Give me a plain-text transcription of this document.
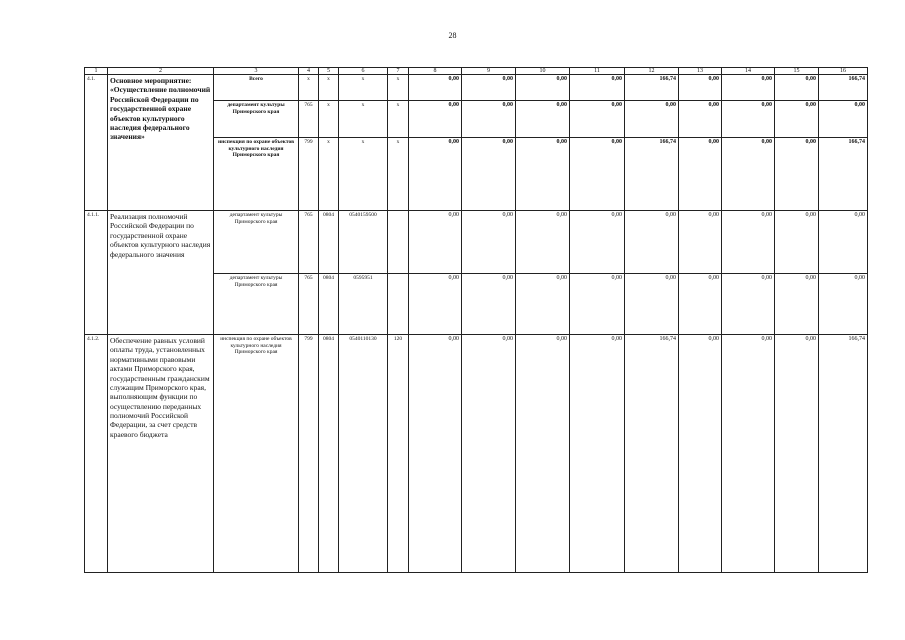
28
1	2	3	4	5	6	7	8	9	10	11	12	13	14	15	16
4.1.	Основное мероприятие: «Осуществление полномочий Российской Федерации по государственной охране объектов культурного наследия федерального значения»	Всего	x	x	x	x	0,00	0,00	0,00	0,00	166,74	0,00	0,00	0,00	166,74
		департамент культуры Приморского края	765	x	x	x	0,00	0,00	0,00	0,00	0,00	0,00	0,00	0,00	0,00
		инспекция по охране объектов культурного наследия Приморского края	799	x	x	x	0,00	0,00	0,00	0,00	166,74	0,00	0,00	0,00	166,74
4.1.1.	Реализация полномочий Российской Федерации по государственной охране объектов культурного наследия федерального значения	департамент культуры Приморского края	765	0804	0540159500		0,00	0,00	0,00	0,00	0,00	0,00	0,00	0,00	0,00
		департамент культуры Приморского края	765	0804	0595951		0,00	0,00	0,00	0,00	0,00	0,00	0,00	0,00	0,00
4.1.2.	Обеспечение равных условий оплаты труда, установленных нормативными правовыми актами Приморского края, государственным гражданским служащим Приморского края, выполняющим функции по осуществлению переданных полномочий Российской Федерации, за счет средств краевого бюджета	инспекция по охране объектов культурного наследия Приморского края	799	0804	0540110130	120	0,00	0,00	0,00	0,00	166,74	0,00	0,00	0,00	166,74
